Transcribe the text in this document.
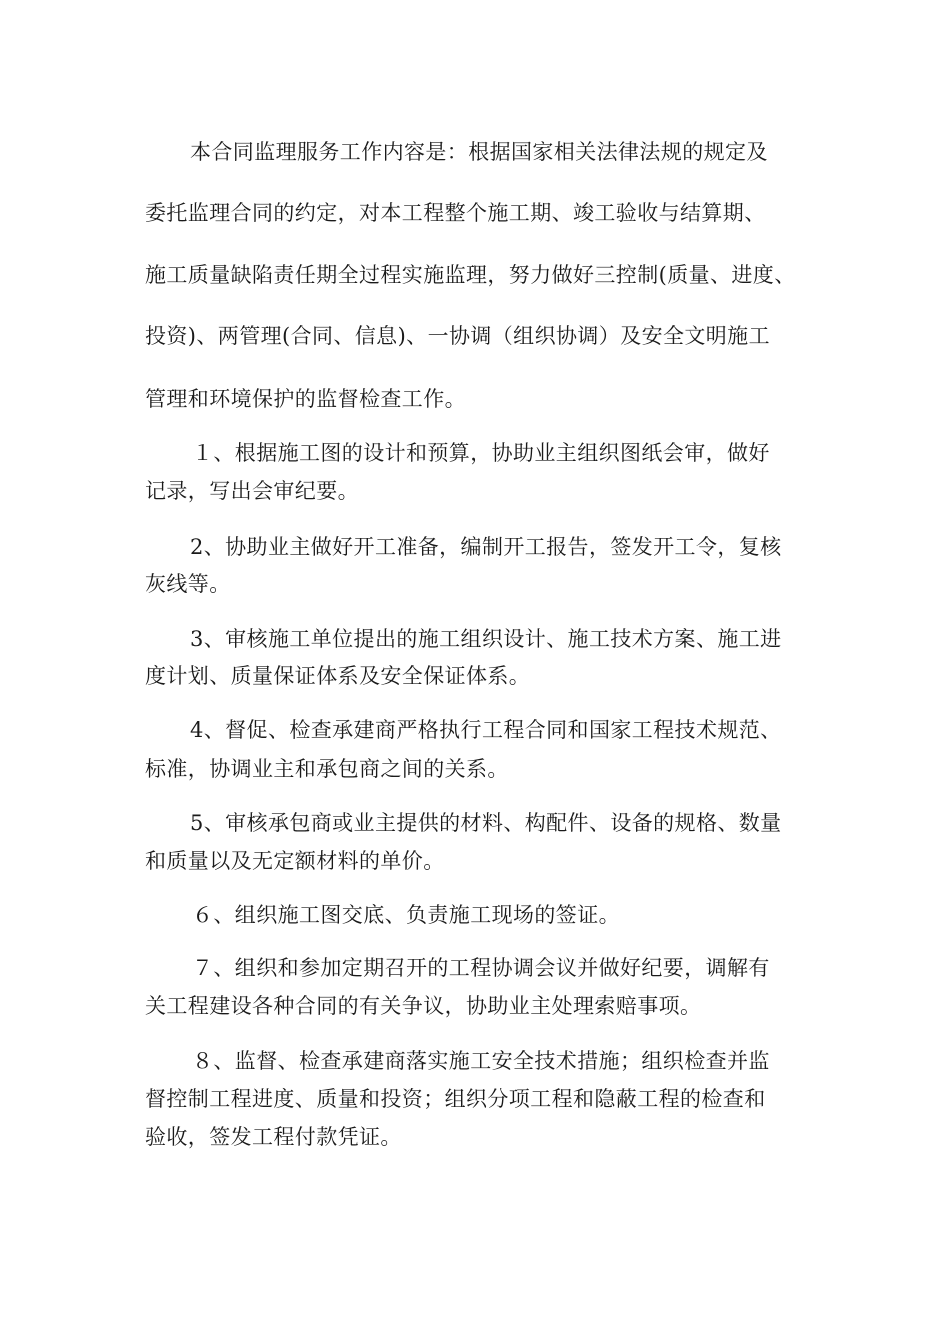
本合同监理服务工作内容是：根据国家相关法律法规的规定及
委托监理合同的约定，对本工程整个施工期、竣工验收与结算期、
施工质量缺陷责任期全过程实施监理，努力做好三控制(质量、进度、
投资)、两管理(合同、信息)、一协调（组织协调）及安全文明施工
管理和环境保护的监督检查工作。
１、根据施工图的设计和预算，协助业主组织图纸会审，做好
记录，写出会审纪要。
2、协助业主做好开工准备，编制开工报告，签发开工令，复核
灰线等。
3、审核施工单位提出的施工组织设计、施工技术方案、施工进
度计划、质量保证体系及安全保证体系。
4、督促、检查承建商严格执行工程合同和国家工程技术规范、
标准，协调业主和承包商之间的关系。
5、审核承包商或业主提供的材料、构配件、设备的规格、数量
和质量以及无定额材料的单价。
６、组织施工图交底、负责施工现场的签证。
７、组织和参加定期召开的工程协调会议并做好纪要，调解有
关工程建设各种合同的有关争议，协助业主处理索赔事项。
８、监督、检查承建商落实施工安全技术措施；组织检查并监
督控制工程进度、质量和投资；组织分项工程和隐蔽工程的检查和
验收，签发工程付款凭证。
